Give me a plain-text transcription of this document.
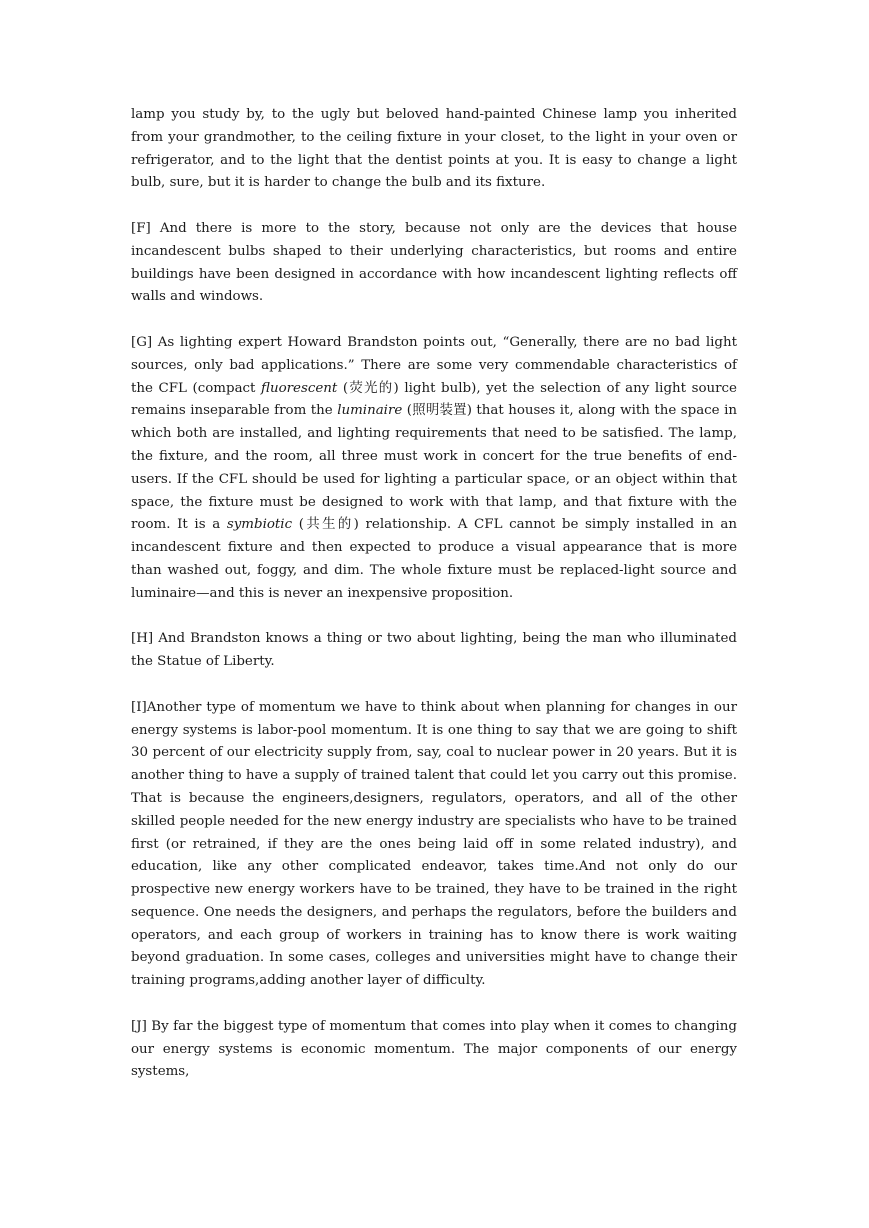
lamp you study by, to the ugly but beloved hand-painted Chinese lamp you inherited from your grandmother, to the ceiling fixture in your closet, to the light in your oven or refrigerator, and to the light that the dentist points at you. It is easy to change a light bulb, sure, but it is harder to change the bulb and its fixture.

[F] And there is more to the story, because not only are the devices that house incandescent bulbs shaped to their underlying characteristics, but rooms and entire buildings have been designed in accordance with how incandescent lighting reflects off walls and windows.

[G] As lighting expert Howard Brandston points out, “Generally, there are no bad light sources, only bad applications.” There are some very commendable characteristics of the CFL (compact fluorescent (荧光的) light bulb), yet the selection of any light source remains inseparable from the luminaire (照明装置) that houses it, along with the space in which both are installed, and lighting requirements that need to be satisfied. The lamp, the fixture, and the room, all three must work in concert for the true benefits of end-users. If the CFL should be used for lighting a particular space, or an object within that space, the fixture must be designed to work with that lamp, and that fixture with the room. It is a symbiotic (共生的) relationship. A CFL cannot be simply installed in an incandescent fixture and then expected to produce a visual appearance that is more than washed out, foggy, and dim. The whole fixture must be replaced-light source and luminaire—and this is never an inexpensive proposition.

[H] And Brandston knows a thing or two about lighting, being the man who illuminated the Statue of Liberty.

[I]Another type of momentum we have to think about when planning for changes in our energy systems is labor-pool momentum. It is one thing to say that we are going to shift 30 percent of our electricity supply from, say, coal to nuclear power in 20 years. But it is another thing to have a supply of trained talent that could let you carry out this promise. That is because the engineers,designers, regulators, operators, and all of the other skilled people needed for the new energy industry are specialists who have to be trained first (or retrained, if they are the ones being laid off in some related industry), and education, like any other complicated endeavor, takes time.And not only do our prospective new energy workers have to be trained, they have to be trained in the right sequence. One needs the designers, and perhaps the regulators, before the builders and operators, and each group of workers in training has to know there is work waiting beyond graduation. In some cases, colleges and universities might have to change their training programs,adding another layer of difficulty.

[J] By far the biggest type of momentum that comes into play when it comes to changing our energy systems is economic momentum. The major components of our energy systems,
